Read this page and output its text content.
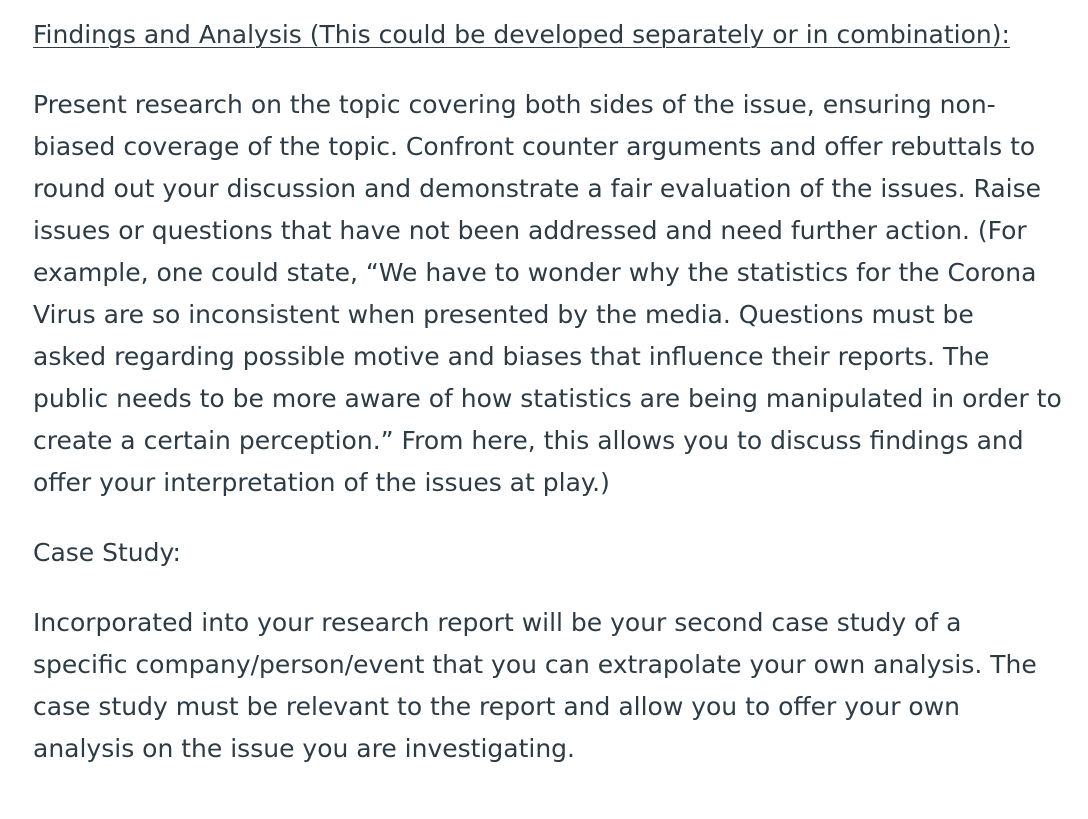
Findings and Analysis (This could be developed separately or in combination):

Present research on the topic covering both sides of the issue, ensuring non-
biased coverage of the topic. Confront counter arguments and offer rebuttals to
round out your discussion and demonstrate a fair evaluation of the issues. Raise
issues or questions that have not been addressed and need further action. (For
example, one could state, “We have to wonder why the statistics for the Corona
Virus are so inconsistent when presented by the media. Questions must be
asked regarding possible motive and biases that influence their reports. The
public needs to be more aware of how statistics are being manipulated in order to
create a certain perception.” From here, this allows you to discuss findings and
offer your interpretation of the issues at play.)

Case Study:

Incorporated into your research report will be your second case study of a
specific company/person/event that you can extrapolate your own analysis. The
case study must be relevant to the report and allow you to offer your own
analysis on the issue you are investigating.
